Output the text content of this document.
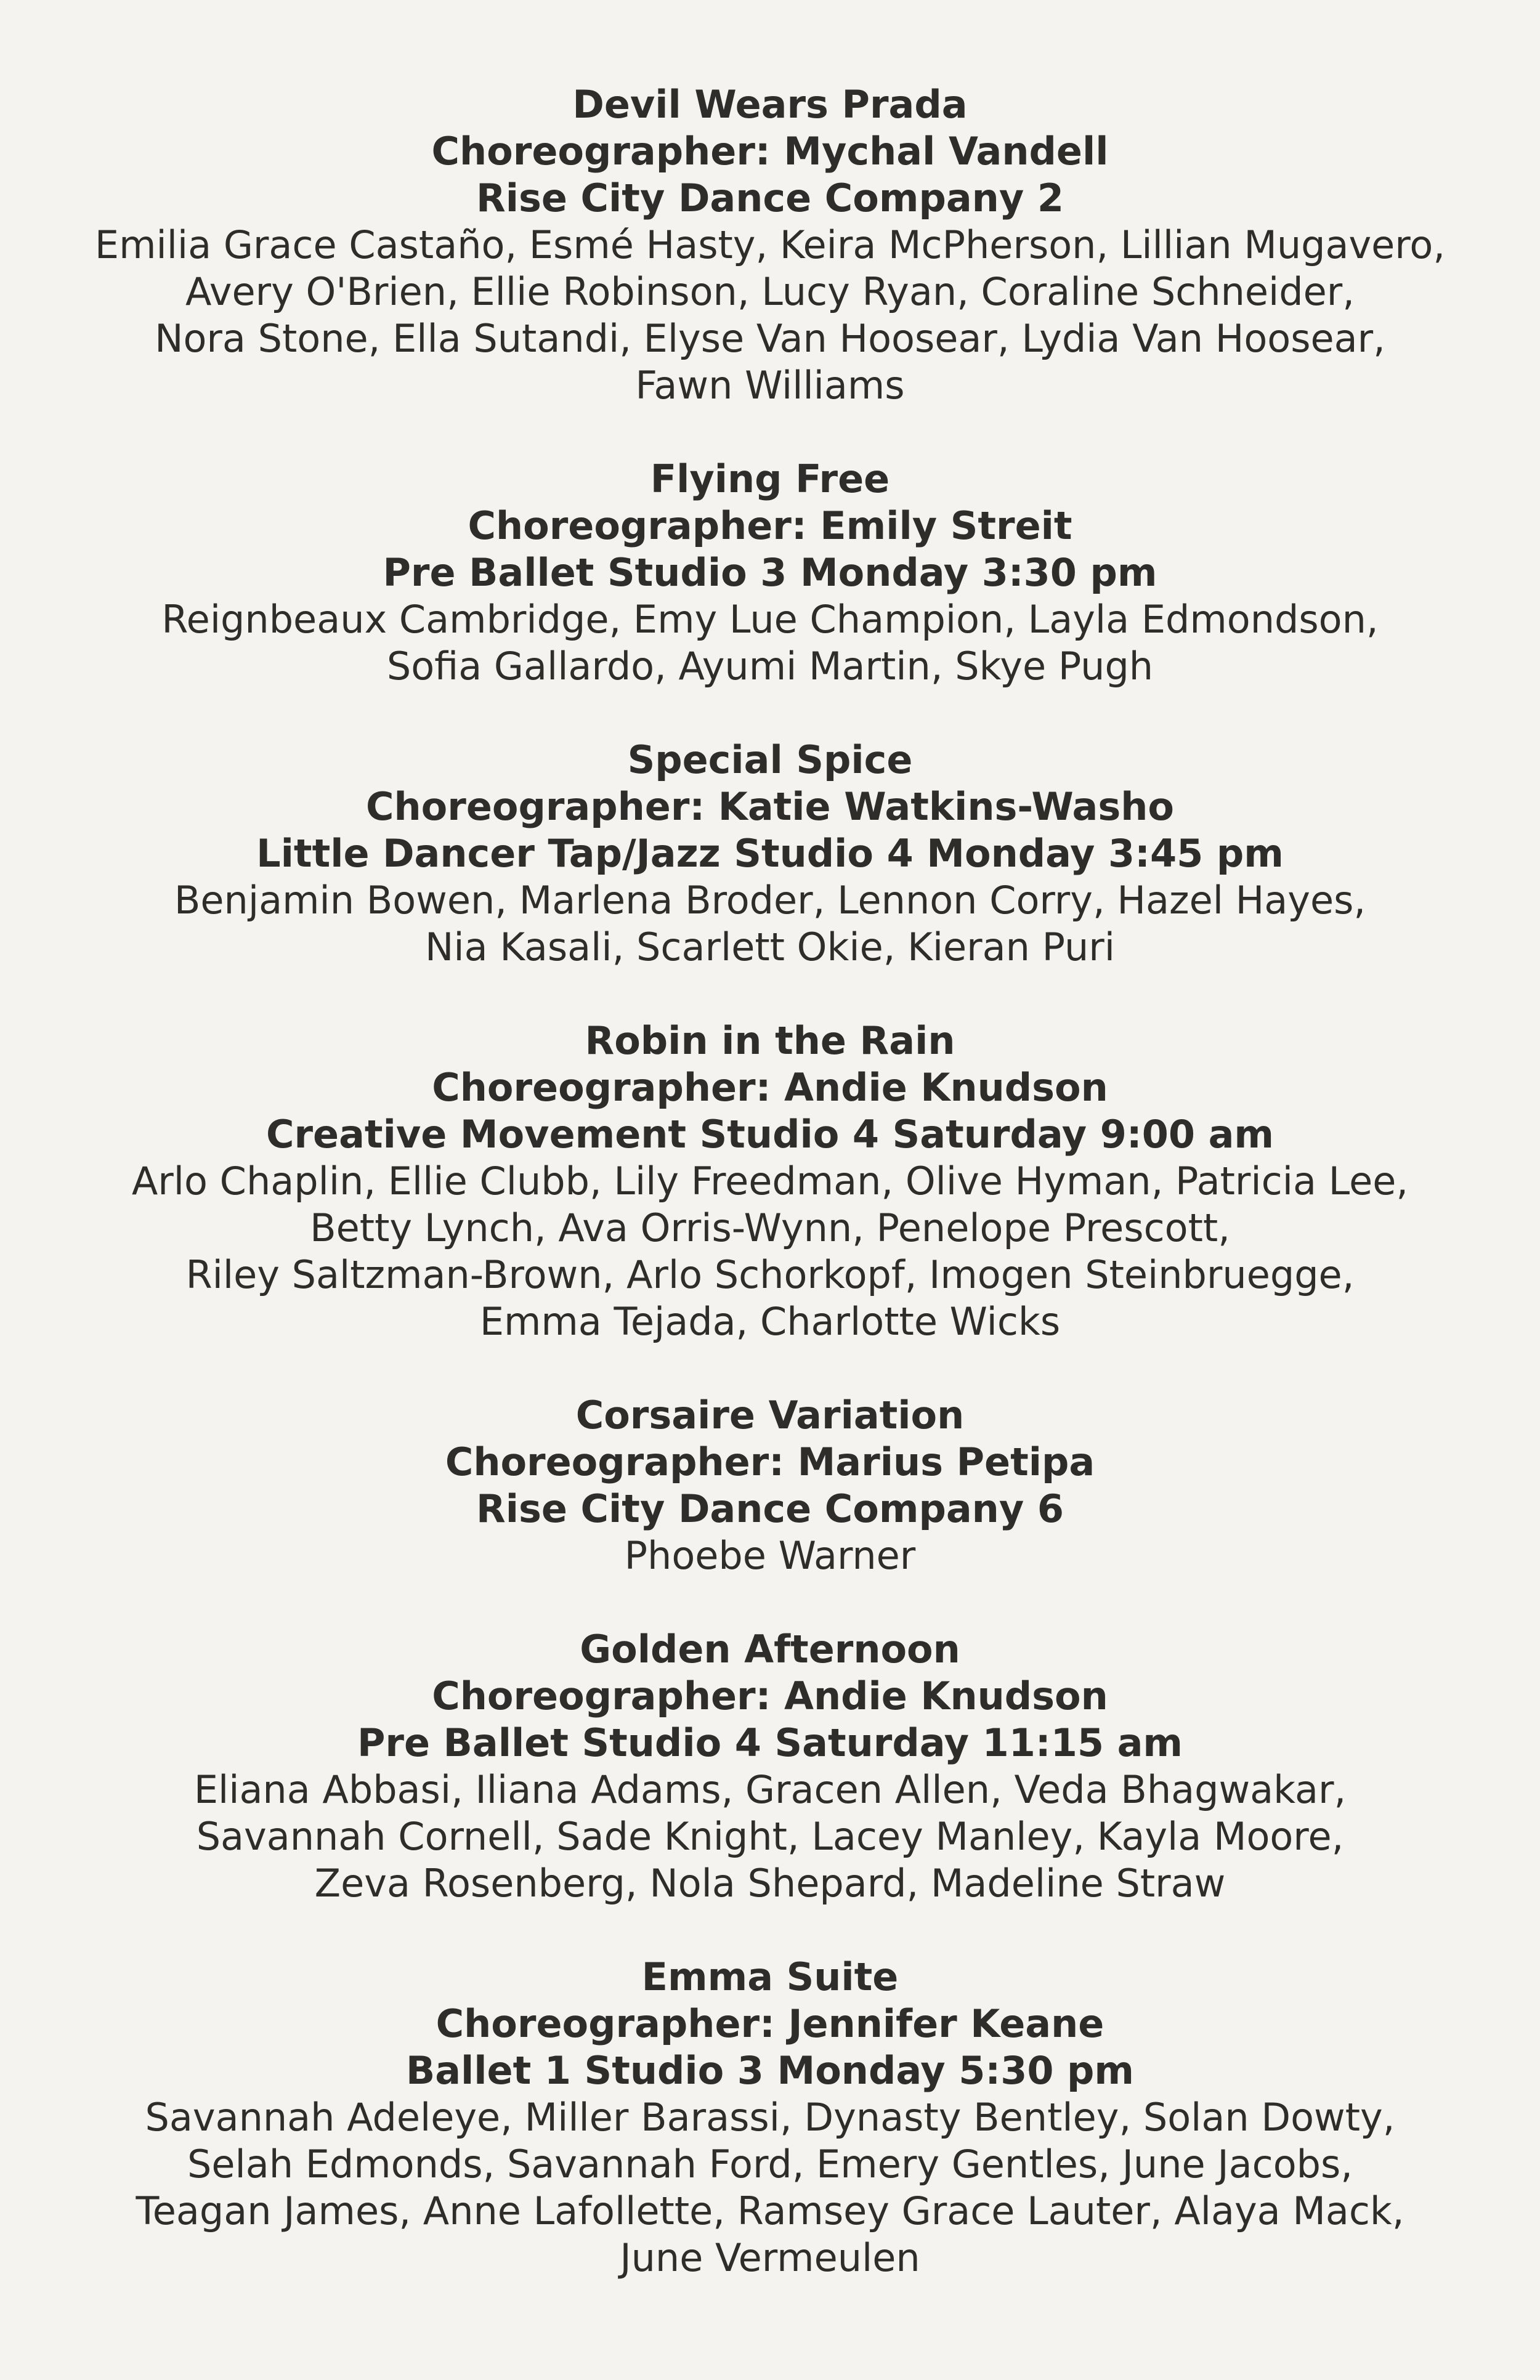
Devil Wears Prada
Choreographer: Mychal Vandell
Rise City Dance Company 2
Emilia Grace Castaño, Esmé Hasty, Keira McPherson, Lillian Mugavero,
Avery O'Brien, Ellie Robinson, Lucy Ryan, Coraline Schneider,
Nora Stone, Ella Sutandi, Elyse Van Hoosear, Lydia Van Hoosear,
Fawn Williams
Flying Free
Choreographer: Emily Streit
Pre Ballet Studio 3 Monday 3:30 pm
Reignbeaux Cambridge, Emy Lue Champion, Layla Edmondson,
Sofia Gallardo, Ayumi Martin, Skye Pugh
Special Spice
Choreographer: Katie Watkins-Washo
Little Dancer Tap/Jazz Studio 4 Monday 3:45 pm
Benjamin Bowen, Marlena Broder, Lennon Corry, Hazel Hayes,
Nia Kasali, Scarlett Okie, Kieran Puri
Robin in the Rain
Choreographer: Andie Knudson
Creative Movement Studio 4 Saturday 9:00 am
Arlo Chaplin, Ellie Clubb, Lily Freedman, Olive Hyman, Patricia Lee,
Betty Lynch, Ava Orris-Wynn, Penelope Prescott,
Riley Saltzman-Brown, Arlo Schorkopf, Imogen Steinbruegge,
Emma Tejada, Charlotte Wicks
Corsaire Variation
Choreographer: Marius Petipa
Rise City Dance Company 6
Phoebe Warner
Golden Afternoon
Choreographer: Andie Knudson
Pre Ballet Studio 4 Saturday 11:15 am
Eliana Abbasi, Iliana Adams, Gracen Allen, Veda Bhagwakar,
Savannah Cornell, Sade Knight, Lacey Manley, Kayla Moore,
Zeva Rosenberg, Nola Shepard, Madeline Straw
Emma Suite
Choreographer: Jennifer Keane
Ballet 1 Studio 3 Monday 5:30 pm
Savannah Adeleye, Miller Barassi, Dynasty Bentley, Solan Dowty,
Selah Edmonds, Savannah Ford, Emery Gentles, June Jacobs,
Teagan James, Anne Lafollette, Ramsey Grace Lauter, Alaya Mack,
June Vermeulen
